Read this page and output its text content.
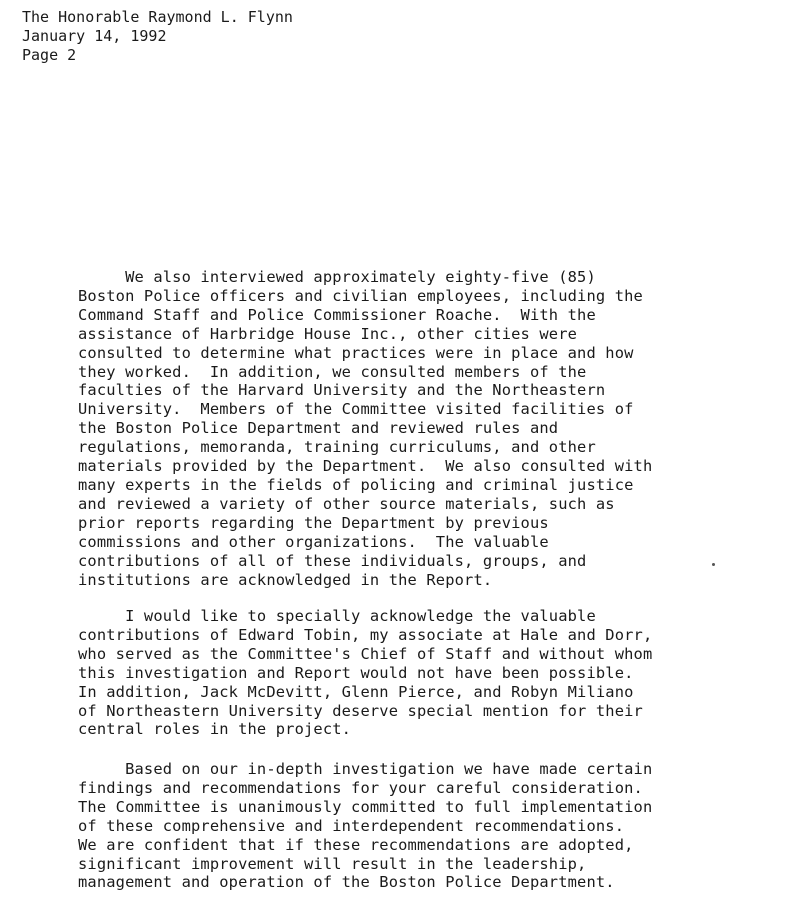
The Honorable Raymond L. Flynn
January 14, 1992
Page 2
We also interviewed approximately eighty-five (85)
Boston Police officers and civilian employees, including the
Command Staff and Police Commissioner Roache.  With the
assistance of Harbridge House Inc., other cities were
consulted to determine what practices were in place and how
they worked.  In addition, we consulted members of the
faculties of the Harvard University and the Northeastern
University.  Members of the Committee visited facilities of
the Boston Police Department and reviewed rules and
regulations, memoranda, training curriculums, and other
materials provided by the Department.  We also consulted with
many experts in the fields of policing and criminal justice
and reviewed a variety of other source materials, such as
prior reports regarding the Department by previous
commissions and other organizations.  The valuable
contributions of all of these individuals, groups, and
institutions are acknowledged in the Report.
I would like to specially acknowledge the valuable
contributions of Edward Tobin, my associate at Hale and Dorr,
who served as the Committee's Chief of Staff and without whom
this investigation and Report would not have been possible.
In addition, Jack McDevitt, Glenn Pierce, and Robyn Miliano
of Northeastern University deserve special mention for their
central roles in the project.
Based on our in-depth investigation we have made certain
findings and recommendations for your careful consideration.
The Committee is unanimously committed to full implementation
of these comprehensive and interdependent recommendations.
We are confident that if these recommendations are adopted,
significant improvement will result in the leadership,
management and operation of the Boston Police Department.
